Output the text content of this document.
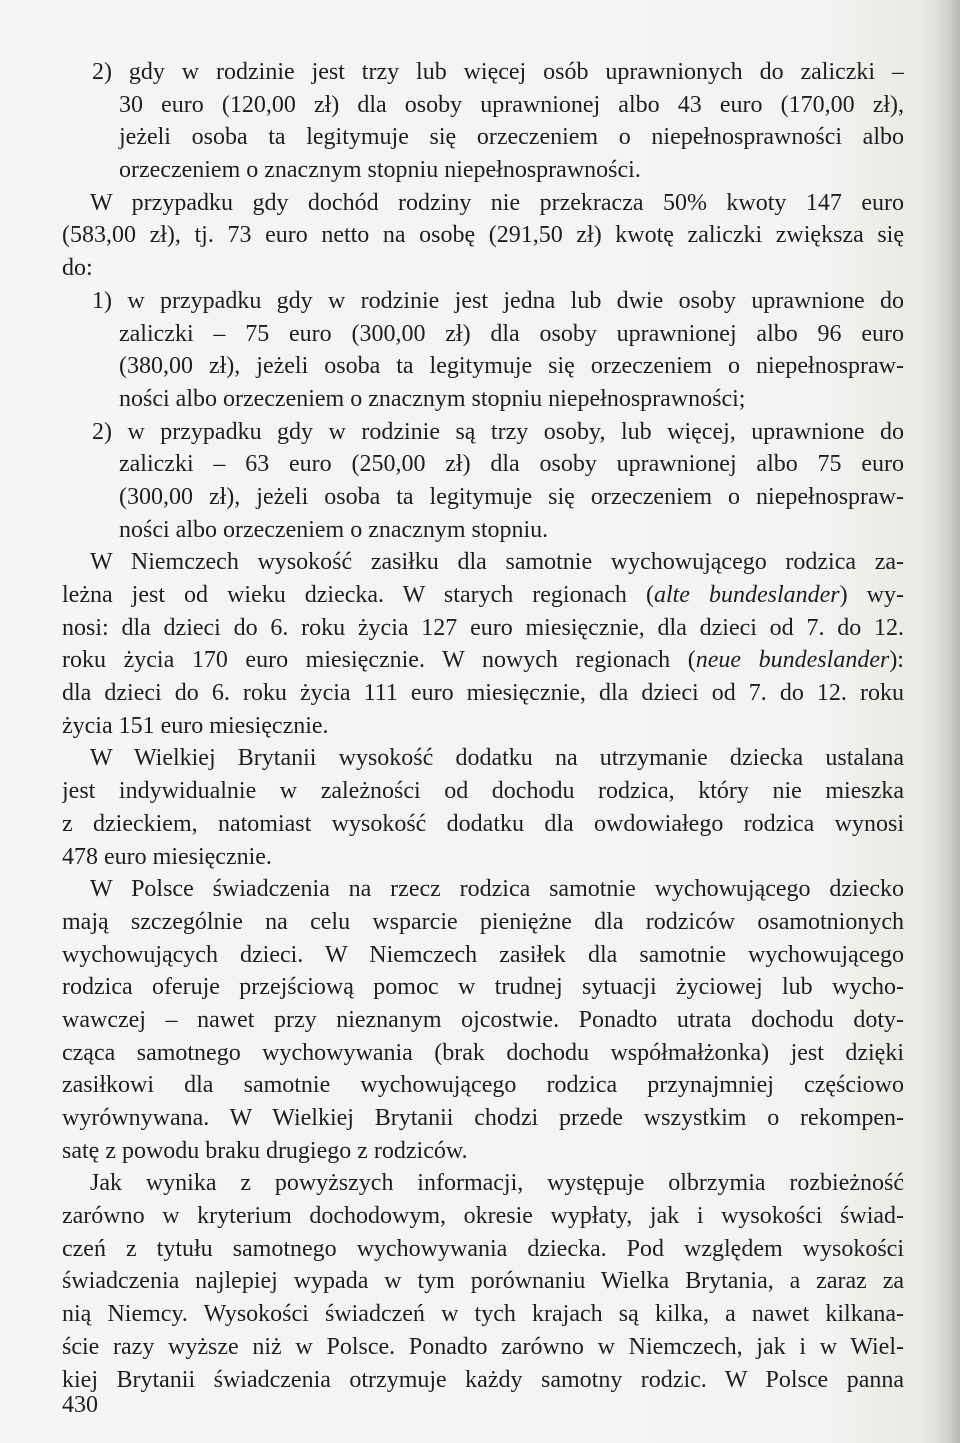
2) gdy w rodzinie jest trzy lub więcej osób uprawnionych do zaliczki –
30 euro (120,00 zł) dla osoby uprawnionej albo 43 euro (170,00 zł),
jeżeli osoba ta legitymuje się orzeczeniem o niepełnosprawności albo
orzeczeniem o znacznym stopniu niepełnosprawności.
W przypadku gdy dochód rodziny nie przekracza 50% kwoty 147 euro
(583,00 zł), tj. 73 euro netto na osobę (291,50 zł) kwotę zaliczki zwiększa się
do:
1) w przypadku gdy w rodzinie jest jedna lub dwie osoby uprawnione do
zaliczki – 75 euro (300,00 zł) dla osoby uprawnionej albo 96 euro
(380,00 zł), jeżeli osoba ta legitymuje się orzeczeniem o niepełnospraw-
ności albo orzeczeniem o znacznym stopniu niepełnosprawności;
2) w przypadku gdy w rodzinie są trzy osoby, lub więcej, uprawnione do
zaliczki – 63 euro (250,00 zł) dla osoby uprawnionej albo 75 euro
(300,00 zł), jeżeli osoba ta legitymuje się orzeczeniem o niepełnospraw-
ności albo orzeczeniem o znacznym stopniu.
W Niemczech wysokość zasiłku dla samotnie wychowującego rodzica za-
leżna jest od wieku dziecka. W starych regionach (alte bundeslander) wy-
nosi: dla dzieci do 6. roku życia 127 euro miesięcznie, dla dzieci od 7. do 12.
roku życia 170 euro miesięcznie. W nowych regionach (neue bundeslander):
dla dzieci do 6. roku życia 111 euro miesięcznie, dla dzieci od 7. do 12. roku
życia 151 euro miesięcznie.
W Wielkiej Brytanii wysokość dodatku na utrzymanie dziecka ustalana
jest indywidualnie w zależności od dochodu rodzica, który nie mieszka
z dzieckiem, natomiast wysokość dodatku dla owdowiałego rodzica wynosi
478 euro miesięcznie.
W Polsce świadczenia na rzecz rodzica samotnie wychowującego dziecko
mają szczególnie na celu wsparcie pieniężne dla rodziców osamotnionych
wychowujących dzieci. W Niemczech zasiłek dla samotnie wychowującego
rodzica oferuje przejściową pomoc w trudnej sytuacji życiowej lub wycho-
wawczej – nawet przy nieznanym ojcostwie. Ponadto utrata dochodu doty-
cząca samotnego wychowywania (brak dochodu współmałżonka) jest dzięki
zasiłkowi dla samotnie wychowującego rodzica przynajmniej częściowo
wyrównywana. W Wielkiej Brytanii chodzi przede wszystkim o rekompen-
satę z powodu braku drugiego z rodziców.
Jak wynika z powyższych informacji, występuje olbrzymia rozbieżność
zarówno w kryterium dochodowym, okresie wypłaty, jak i wysokości świad-
czeń z tytułu samotnego wychowywania dziecka. Pod względem wysokości
świadczenia najlepiej wypada w tym porównaniu Wielka Brytania, a zaraz za
nią Niemcy. Wysokości świadczeń w tych krajach są kilka, a nawet kilkana-
ście razy wyższe niż w Polsce. Ponadto zarówno w Niemczech, jak i w Wiel-
kiej Brytanii świadczenia otrzymuje każdy samotny rodzic. W Polsce panna
430
